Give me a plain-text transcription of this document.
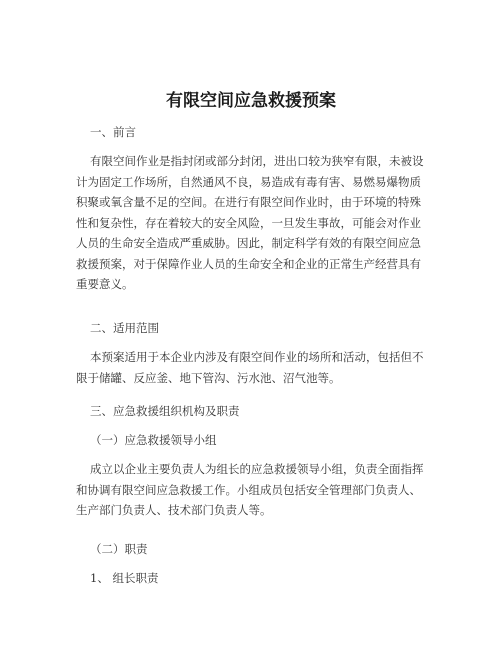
有限空间应急救援预案
一、前言
有限空间作业是指封闭或部分封闭，进出口较为狭窄有限，未被设
计为固定工作场所，自然通风不良，易造成有毒有害、易燃易爆物质
积聚或氧含量不足的空间。在进行有限空间作业时，由于环境的特殊
性和复杂性，存在着较大的安全风险，一旦发生事故，可能会对作业
人员的生命安全造成严重威胁。因此，制定科学有效的有限空间应急
救援预案，对于保障作业人员的生命安全和企业的正常生产经营具有
重要意义。
二、适用范围
本预案适用于本企业内涉及有限空间作业的场所和活动，包括但不
限于储罐、反应釜、地下管沟、污水池、沼气池等。
三、应急救援组织机构及职责
（一）应急救援领导小组
成立以企业主要负责人为组长的应急救援领导小组，负责全面指挥
和协调有限空间应急救援工作。小组成员包括安全管理部门负责人、
生产部门负责人、技术部门负责人等。
（二）职责
1、 组长职责
